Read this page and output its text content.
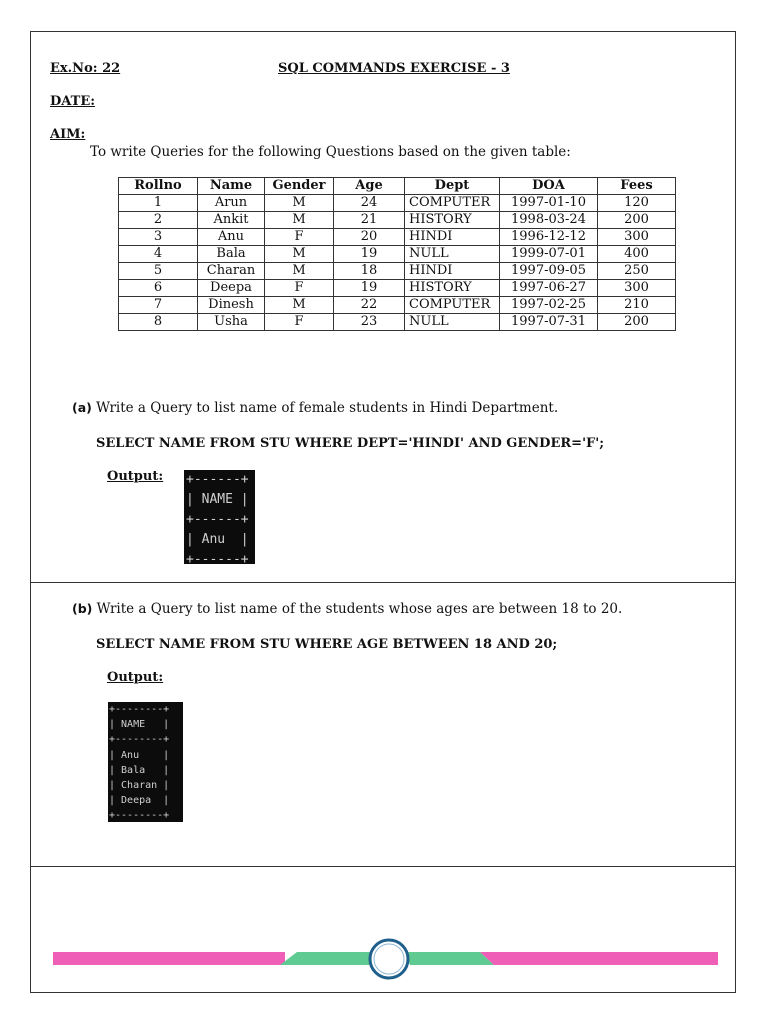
Ex.No: 22	SQL COMMANDS EXERCISE - 3
DATE:
AIM:
To write Queries for the following Questions based on the given table:
Rollno	Name	Gender	Age	Dept	DOA	Fees
1	Arun	M	24	COMPUTER	1997-01-10	120
2	Ankit	M	21	HISTORY	1998-03-24	200
3	Anu	F	20	HINDI	1996-12-12	300
4	Bala	M	19	NULL	1999-07-01	400
5	Charan	M	18	HINDI	1997-09-05	250
6	Deepa	F	19	HISTORY	1997-06-27	300
7	Dinesh	M	22	COMPUTER	1997-02-25	210
8	Usha	F	23	NULL	1997-07-31	200
(a) Write a Query to list name of female students in Hindi Department.
SELECT NAME FROM STU WHERE DEPT='HINDI' AND GENDER='F';
Output: +------+
| NAME |
+------+
| Anu  |
+------+
(b) Write a Query to list name of the students whose ages are between 18 to 20.
SELECT NAME FROM STU WHERE AGE BETWEEN 18 AND 20;
Output:
+--------+
| NAME   |
+--------+
| Anu    |
| Bala   |
| Charan |
| Deepa  |
+--------+
